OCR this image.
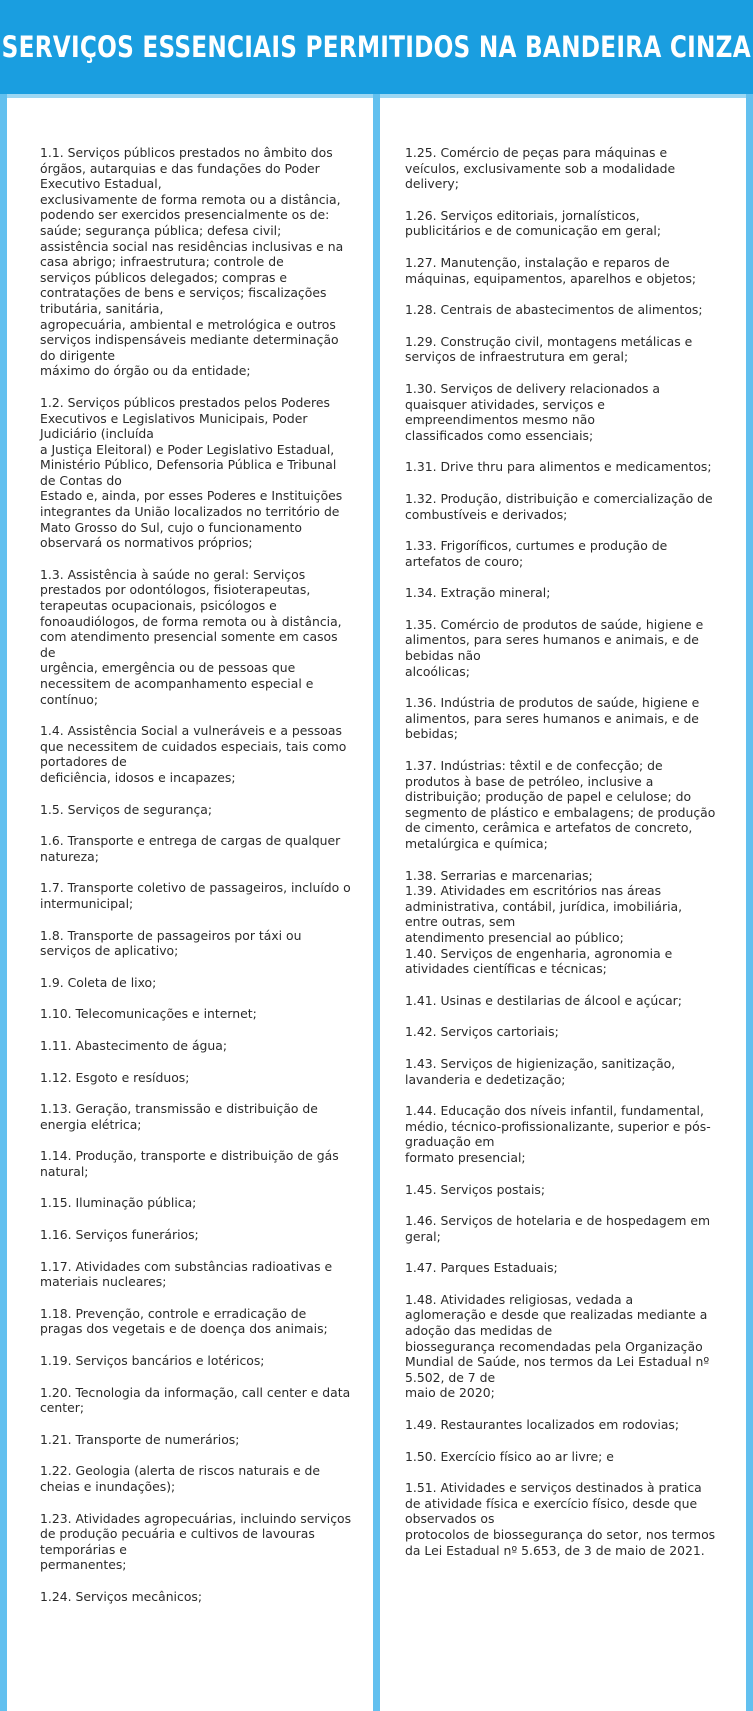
SERVIÇOS ESSENCIAIS PERMITIDOS NA BANDEIRA CINZA

1.1. Serviços públicos prestados no âmbito dos órgãos, autarquias e das fundações do Poder Executivo Estadual,
exclusivamente de forma remota ou a distância, podendo ser exercidos presencialmente os de: saúde; segurança pública; defesa civil; assistência social nas residências inclusivas e na casa abrigo; infraestrutura; controle de
serviços públicos delegados; compras e contratações de bens e serviços; fiscalizações tributária, sanitária,
agropecuária, ambiental e metrológica e outros serviços indispensáveis mediante determinação do dirigente
máximo do órgão ou da entidade;

1.2. Serviços públicos prestados pelos Poderes Executivos e Legislativos Municipais, Poder Judiciário (incluída
a Justiça Eleitoral) e Poder Legislativo Estadual, Ministério Público, Defensoria Pública e Tribunal de Contas do
Estado e, ainda, por esses Poderes e Instituições integrantes da União localizados no território de Mato Grosso do Sul, cujo o funcionamento observará os normativos próprios;

1.3. Assistência à saúde no geral: Serviços prestados por odontólogos, fisioterapeutas, terapeutas ocupacionais, psicólogos e fonoaudiólogos, de forma remota ou à distância, com atendimento presencial somente em casos de
urgência, emergência ou de pessoas que necessitem de acompanhamento especial e contínuo;

1.4. Assistência Social a vulneráveis e a pessoas que necessitem de cuidados especiais, tais como portadores de
deficiência, idosos e incapazes;

1.5. Serviços de segurança;

1.6. Transporte e entrega de cargas de qualquer natureza;

1.7. Transporte coletivo de passageiros, incluído o intermunicipal;

1.8. Transporte de passageiros por táxi ou serviços de aplicativo;

1.9. Coleta de lixo;

1.10. Telecomunicações e internet;

1.11. Abastecimento de água;

1.12. Esgoto e resíduos;

1.13. Geração, transmissão e distribuição de energia elétrica;

1.14. Produção, transporte e distribuição de gás natural;

1.15. Iluminação pública;

1.16. Serviços funerários;

1.17. Atividades com substâncias radioativas e materiais nucleares;

1.18. Prevenção, controle e erradicação de pragas dos vegetais e de doença dos animais;

1.19. Serviços bancários e lotéricos;

1.20. Tecnologia da informação, call center e data center;

1.21. Transporte de numerários;

1.22. Geologia (alerta de riscos naturais e de cheias e inundações);

1.23. Atividades agropecuárias, incluindo serviços de produção pecuária e cultivos de lavouras temporárias e
permanentes;

1.24. Serviços mecânicos;

1.25. Comércio de peças para máquinas e veículos, exclusivamente sob a modalidade delivery;

1.26. Serviços editoriais, jornalísticos, publicitários e de comunicação em geral;

1.27. Manutenção, instalação e reparos de máquinas, equipamentos, aparelhos e objetos;

1.28. Centrais de abastecimentos de alimentos;

1.29. Construção civil, montagens metálicas e serviços de infraestrutura em geral;

1.30. Serviços de delivery relacionados a quaisquer atividades, serviços e empreendimentos mesmo não
classificados como essenciais;

1.31. Drive thru para alimentos e medicamentos;

1.32. Produção, distribuição e comercialização de combustíveis e derivados;

1.33. Frigoríficos, curtumes e produção de artefatos de couro;

1.34. Extração mineral;

1.35. Comércio de produtos de saúde, higiene e alimentos, para seres humanos e animais, e de bebidas não
alcoólicas;

1.36. Indústria de produtos de saúde, higiene e alimentos, para seres humanos e animais, e de bebidas;

1.37. Indústrias: têxtil e de confecção; de produtos à base de petróleo, inclusive a distribuição; produção de papel e celulose; do segmento de plástico e embalagens; de produção de cimento, cerâmica e artefatos de concreto,
metalúrgica e química;

1.38. Serrarias e marcenarias;
1.39. Atividades em escritórios nas áreas administrativa, contábil, jurídica, imobiliária, entre outras, sem
atendimento presencial ao público;
1.40. Serviços de engenharia, agronomia e atividades científicas e técnicas;

1.41. Usinas e destilarias de álcool e açúcar;

1.42. Serviços cartoriais;

1.43. Serviços de higienização, sanitização, lavanderia e dedetização;

1.44. Educação dos níveis infantil, fundamental, médio, técnico-profissionalizante, superior e pós-graduação em
formato presencial;

1.45. Serviços postais;

1.46. Serviços de hotelaria e de hospedagem em geral;

1.47. Parques Estaduais;

1.48. Atividades religiosas, vedada a aglomeração e desde que realizadas mediante a adoção das medidas de
biossegurança recomendadas pela Organização Mundial de Saúde, nos termos da Lei Estadual nº 5.502, de 7 de
maio de 2020;

1.49. Restaurantes localizados em rodovias;

1.50. Exercício físico ao ar livre; e

1.51. Atividades e serviços destinados à pratica de atividade física e exercício físico, desde que observados os
protocolos de biossegurança do setor, nos termos da Lei Estadual nº 5.653, de 3 de maio de 2021.
